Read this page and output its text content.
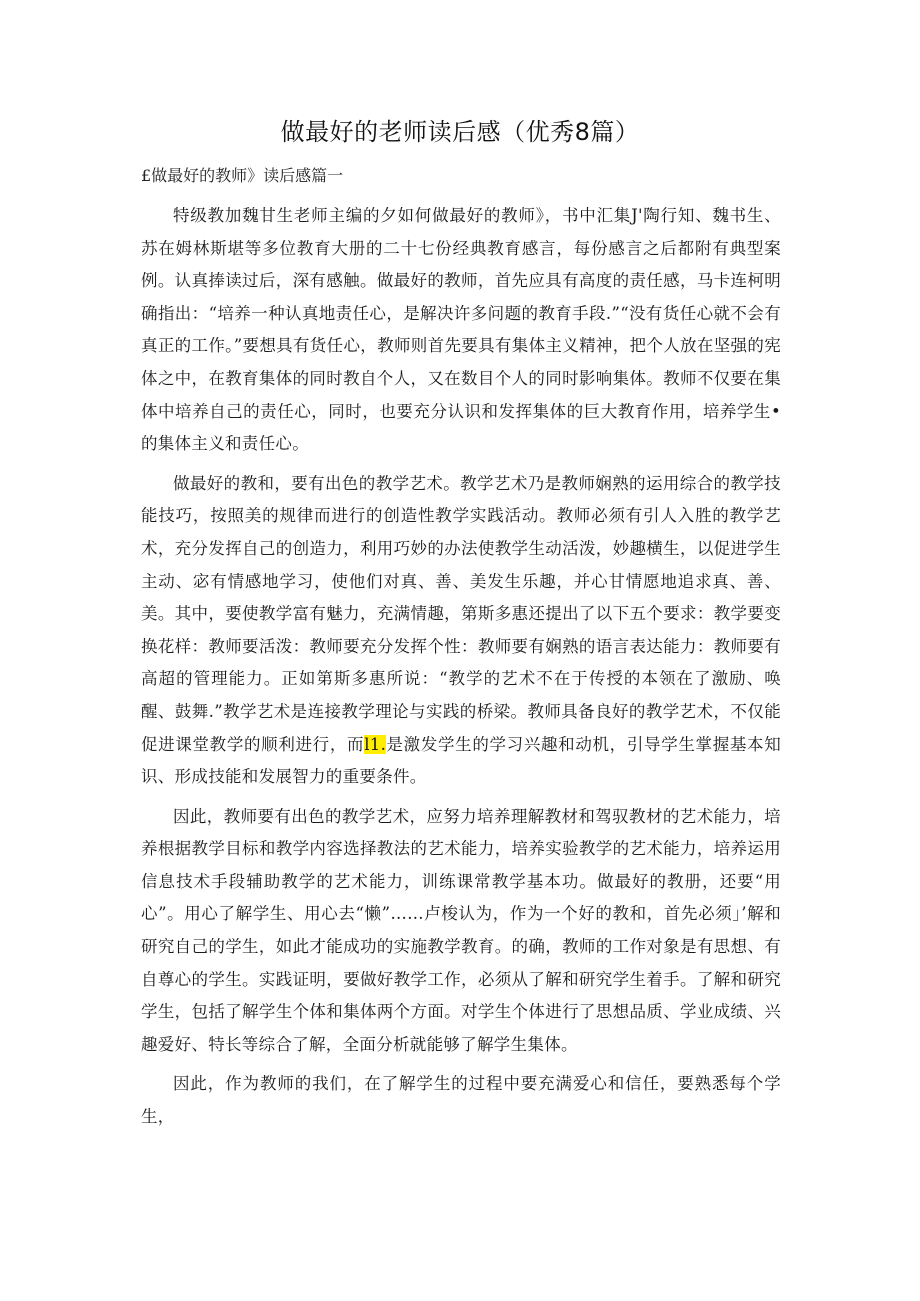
做最好的老师读后感（优秀8篇）

£做最好的教师》读后感篇一

特级教加魏甘生老师主编的夕如何做最好的教师》，书中汇集J'陶行知、魏书生、苏在姆林斯堪等多位教育大册的二十七份经典教育感言，每份感言之后都附有典型案例。认真捧读过后，深有感触。做最好的教师，首先应具有高度的责任感，马卡连柯明确指出：“培养一种认真地责任心，是解决许多问题的教育手段.”“没有货任心就不会有真正的工作。”要想具有货任心，教师则首先要具有集体主义精神，把个人放在坚强的宪体之中，在教育集体的同时教自个人，又在数目个人的同时影响集体。教师不仅要在集体中培养自己的责任心，同时，也要充分认识和发挥集体的巨大教育作用，培养学生•的集体主义和责任心。

做最好的教和，要有出色的教学艺术。教学艺术乃是教师娴熟的运用综合的教学技能技巧，按照美的规律而进行的创造性教学实践活动。教师必须有引人入胜的教学艺术，充分发挥自己的创造力，利用巧妙的办法使教学生动活泼，妙趣横生，以促进学生主动、宓有情感地学习，使他们对真、善、美发生乐趣，并心甘情愿地追求真、善、美。其中，要使教学富有魅力，充满情趣，第斯多惠还提出了以下五个要求：教学要变换花样：教师要活泼：教师要充分发挥个性：教师要有娴熟的语言表达能力：教师要有高超的管理能力。正如第斯多惠所说：“教学的艺术不在于传授的本领在了激励、唤醒、鼓舞.”教学艺术是连接教学理论与实践的桥梁。教师具备良好的教学艺术，不仅能促进课堂教学的顺利进行，而l1.是激发学生的学习兴趣和动机，引导学生掌握基本知识、形成技能和发展智力的重要条件。

因此，教师要有出色的教学艺术，应努力培养理解教材和驾驭教材的艺术能力，培养根据教学目标和教学内容选择教法的艺术能力，培养实验教学的艺术能力，培养运用信息技术手段辅助教学的艺术能力，训练课常教学基本功。做最好的教册，还要“用心”。用心了解学生、用心去“懒”……卢梭认为，作为一个好的教和，首先必须」’解和研究自己的学生，如此才能成功的实施教学教育。的确，教师的工作对象是有思想、有自尊心的学生。实践证明，要做好教学工作，必须从了解和研究学生着手。了解和研究学生，包括了解学生个体和集体两个方面。对学生个体进行了思想品质、学业成绩、兴趣爱好、特长等综合了解，全面分析就能够了解学生集体。

因此，作为教师的我们，在了解学生的过程中要充满爱心和信任，要熟悉每个学生，
